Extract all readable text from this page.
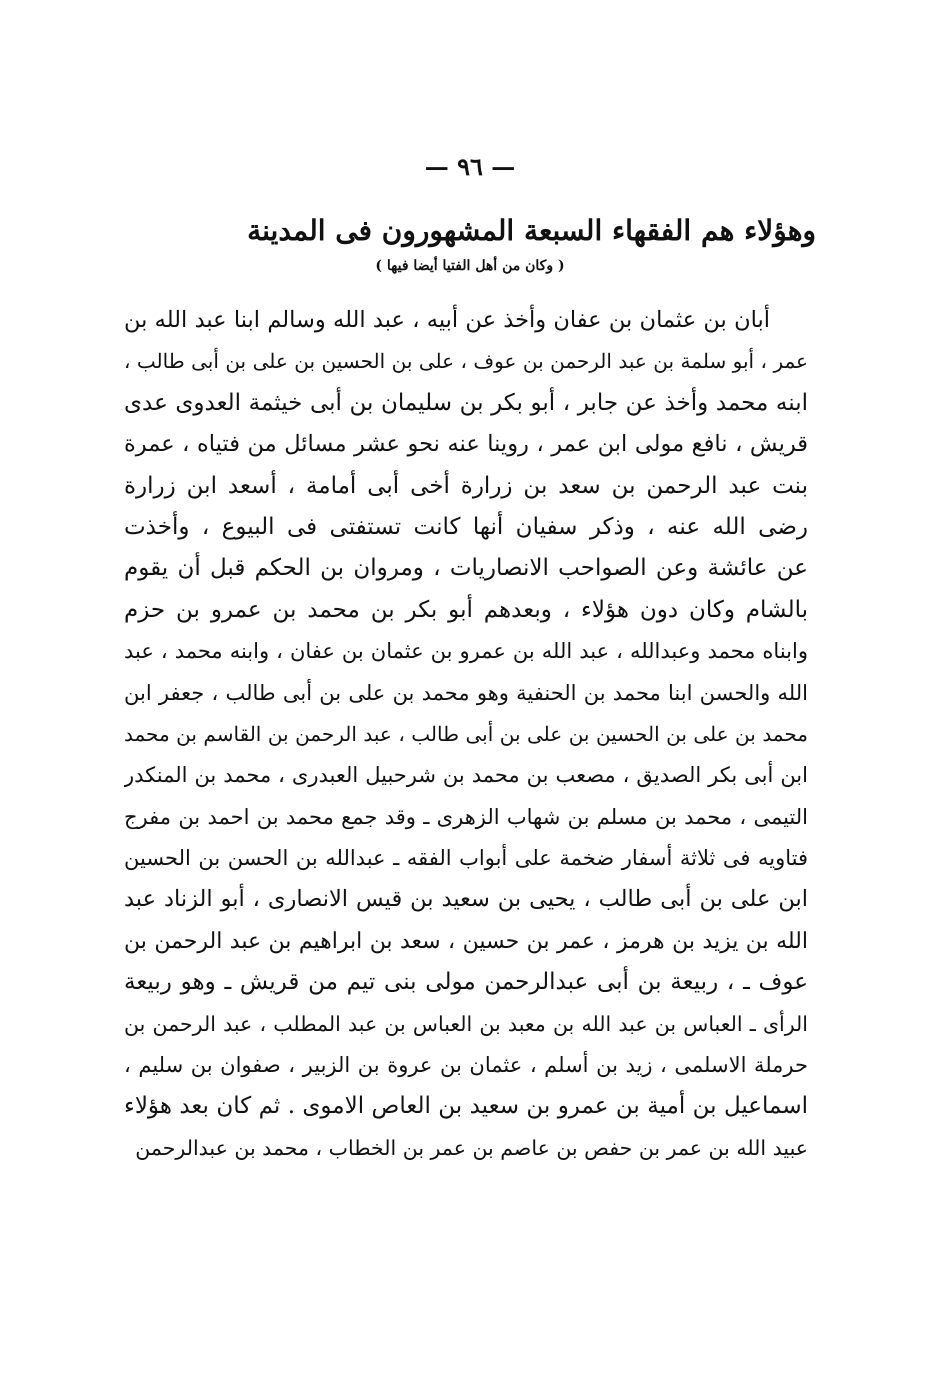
— ٩٦ —
وهؤلاء هم الفقهاء السبعة المشهورون فى المدينة
( وكان من أهل الفتيا أيضا فيها )
أبان بن عثمان بن عفان وأخذ عن أبيه ، عبد الله وسالم ابنا عبد الله بن
عمر ، أبو سلمة بن عبد الرحمن بن عوف ، على بن الحسين بن على بن أبى طالب ،
ابنه محمد وأخذ عن جابر ، أبو بكر بن سليمان بن أبى خيثمة العدوى عدى
قريش ، نافع مولى ابن عمر ، روينا عنه نحو عشر مسائل من فتياه ، عمرة
بنت عبد الرحمن بن سعد بن زرارة أخى أبى أمامة ، أسعد ابن زرارة
رضى الله عنه ، وذكر سفيان أنها كانت تستفتى فى البيوع ، وأخذت
عن عائشة وعن الصواحب الانصاريات ، ومروان بن الحكم قبل أن يقوم
بالشام وكان دون هؤلاء ، وبعدهم أبو بكر بن محمد بن عمرو بن حزم
وابناه محمد وعبدالله ، عبد الله بن عمرو بن عثمان بن عفان ، وابنه محمد ، عبد
الله والحسن ابنا محمد بن الحنفية وهو محمد بن على بن أبى طالب ، جعفر ابن
محمد بن على بن الحسين بن على بن أبى طالب ، عبد الرحمن بن القاسم بن محمد
ابن أبى بكر الصديق ، مصعب بن محمد بن شرحبيل العبدرى ، محمد بن المنكدر
التيمى ، محمد بن مسلم بن شهاب الزهرى ـ وقد جمع محمد بن احمد بن مفرج
فتاويه فى ثلاثة أسفار ضخمة على أبواب الفقه ـ عبدالله بن الحسن بن الحسين
ابن على بن أبى طالب ، يحيى بن سعيد بن قيس الانصارى ، أبو الزناد عبد
الله بن يزيد بن هرمز ، عمر بن حسين ، سعد بن ابراهيم بن عبد الرحمن بن
عوف ـ ، ربيعة بن أبى عبدالرحمن مولى بنى تيم من قريش ـ وهو ربيعة
الرأى ـ العباس بن عبد الله بن معبد بن العباس بن عبد المطلب ، عبد الرحمن بن
حرملة الاسلمى ، زيد بن أسلم ، عثمان بن عروة بن الزبير ، صفوان بن سليم ،
اسماعيل بن أمية بن عمرو بن سعيد بن العاص الاموى . ثم كان بعد هؤلاء
عبيد الله بن عمر بن حفص بن عاصم بن عمر بن الخطاب ، محمد بن عبدالرحمن
